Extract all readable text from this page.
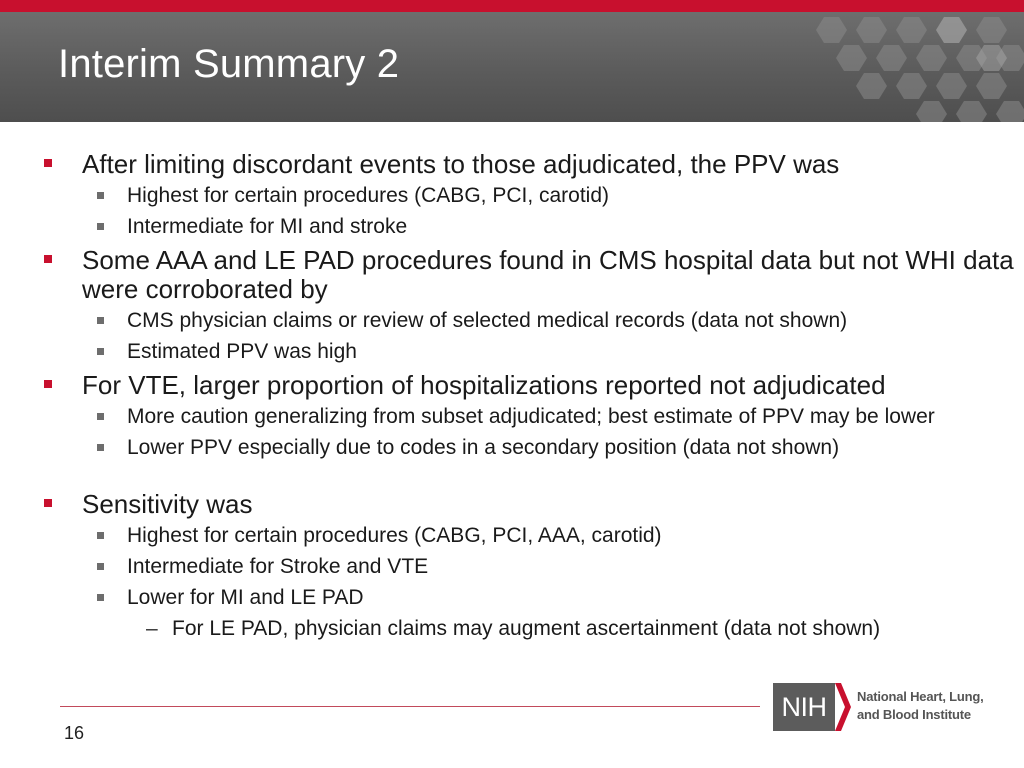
Interim Summary 2
After limiting discordant events to those adjudicated, the PPV was
Highest for certain procedures (CABG, PCI, carotid)
Intermediate for MI and stroke
Some AAA and LE PAD procedures found in CMS hospital data but not WHI data were corroborated by
CMS physician claims or review of selected medical records (data not shown)
Estimated PPV was high
For VTE, larger proportion of hospitalizations reported not adjudicated
More caution generalizing from subset adjudicated; best estimate of PPV may be lower
Lower PPV especially due to codes in a secondary position (data not shown)
Sensitivity was
Highest for certain procedures (CABG, PCI, AAA, carotid)
Intermediate for Stroke and VTE
Lower for MI and LE PAD
– For LE PAD, physician claims may augment ascertainment (data not shown)
16
NIH	National Heart, Lung,
and Blood Institute
